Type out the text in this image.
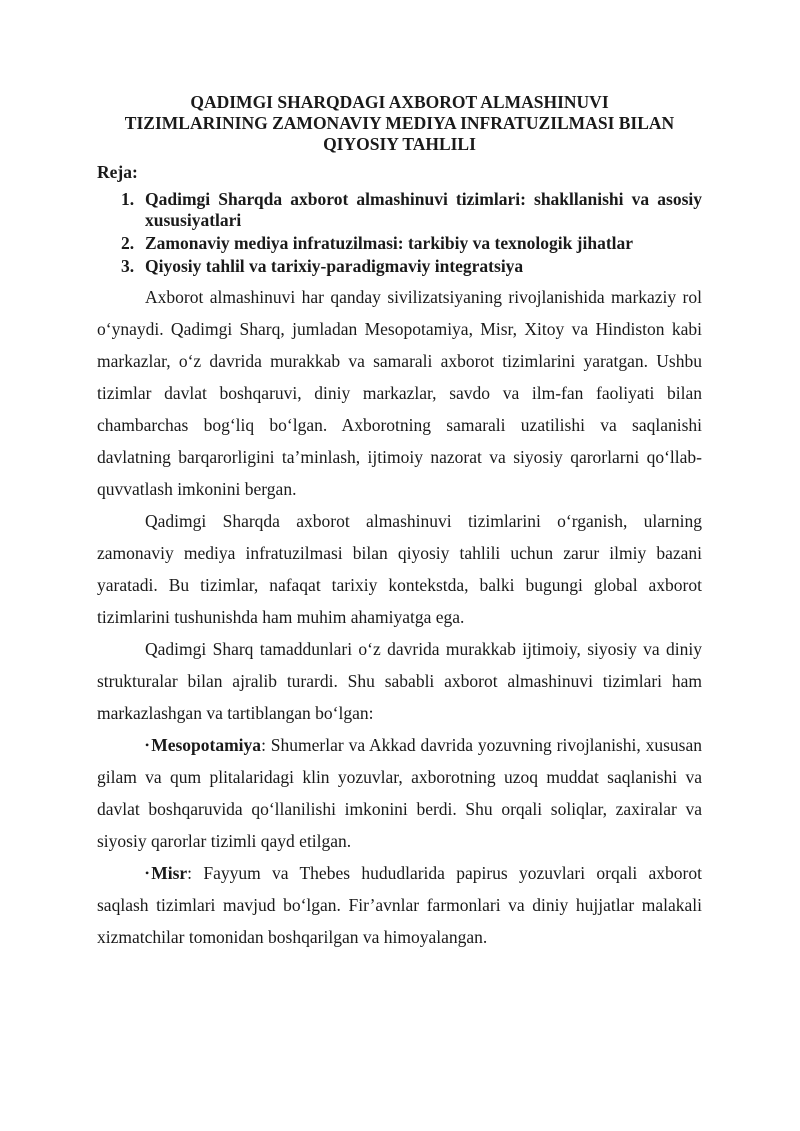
QADIMGI SHARQDAGI AXBOROT ALMASHINUVI
TIZIMLARINING ZAMONAVIY MEDIYA INFRATUZILMASI BILAN
QIYOSIY TAHLILI
Reja:
1. Qadimgi Sharqda axborot almashinuvi tizimlari: shakllanishi va asosiy xususiyatlari
2. Zamonaviy mediya infratuzilmasi: tarkibiy va texnologik jihatlar
3. Qiyosiy tahlil va tarixiy-paradigmaviy integratsiya

Axborot almashinuvi har qanday sivilizatsiyaning rivojlanishida markaziy rol o‘ynaydi. Qadimgi Sharq, jumladan Mesopotamiya, Misr, Xitoy va Hindiston kabi markazlar, o‘z davrida murakkab va samarali axborot tizimlarini yaratgan. Ushbu tizimlar davlat boshqaruvi, diniy markazlar, savdo va ilm-fan faoliyati bilan chambarchas bog‘liq bo‘lgan. Axborotning samarali uzatilishi va saqlanishi davlatning barqarorligini ta’minlash, ijtimoiy nazorat va siyosiy qarorlarni qo‘llab-quvvatlash imkonini bergan.

Qadimgi Sharqda axborot almashinuvi tizimlarini o‘rganish, ularning zamonaviy mediya infratuzilmasi bilan qiyosiy tahlili uchun zarur ilmiy bazani yaratadi. Bu tizimlar, nafaqat tarixiy kontekstda, balki bugungi global axborot tizimlarini tushunishda ham muhim ahamiyatga ega.

Qadimgi Sharq tamaddunlari o‘z davrida murakkab ijtimoiy, siyosiy va diniy strukturalar bilan ajralib turardi. Shu sababli axborot almashinuvi tizimlari ham markazlashgan va tartiblangan bo‘lgan:

• Mesopotamiya: Shumerlar va Akkad davrida yozuvning rivojlanishi, xususan gilam va qum plitalaridagi klin yozuvlar, axborotning uzoq muddat saqlanishi va davlat boshqaruvida qo‘llanilishi imkonini berdi. Shu orqali soliqlar, zaxiralar va siyosiy qarorlar tizimli qayd etilgan.

• Misr: Fayyum va Thebes hududlarida papirus yozuvlari orqali axborot saqlash tizimlari mavjud bo‘lgan. Fir’avnlar farmonlari va diniy hujjatlar malakali xizmatchilar tomonidan boshqarilgan va himoyalangan.
